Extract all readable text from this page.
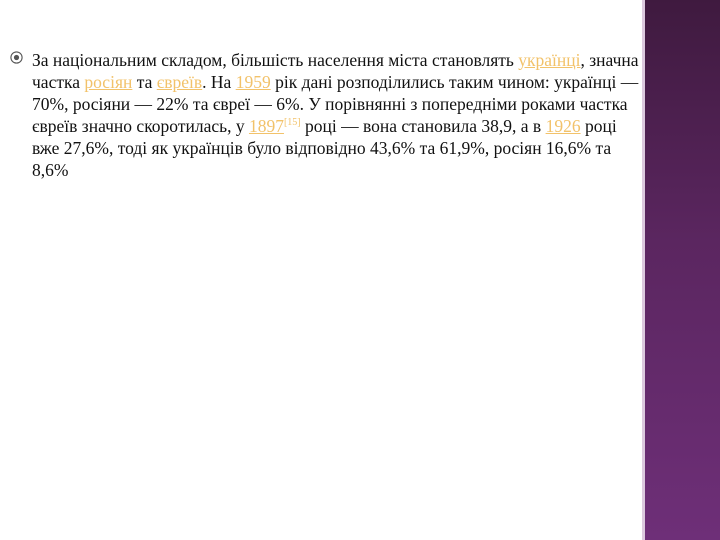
За національним складом, більшість населення міста становлять українці, значна частка росіян та євреїв. На 1959 рік дані розподілились таким чином: українці — 70%, росіяни — 22% та євреї — 6%. У порівнянні з попередніми роками частка євреїв значно скоротилась, у 1897[15] році — вона становила 38,9, а в 1926 році вже 27,6%, тоді як українців було відповідно 43,6% та 61,9%, росіян 16,6% та 8,6%
